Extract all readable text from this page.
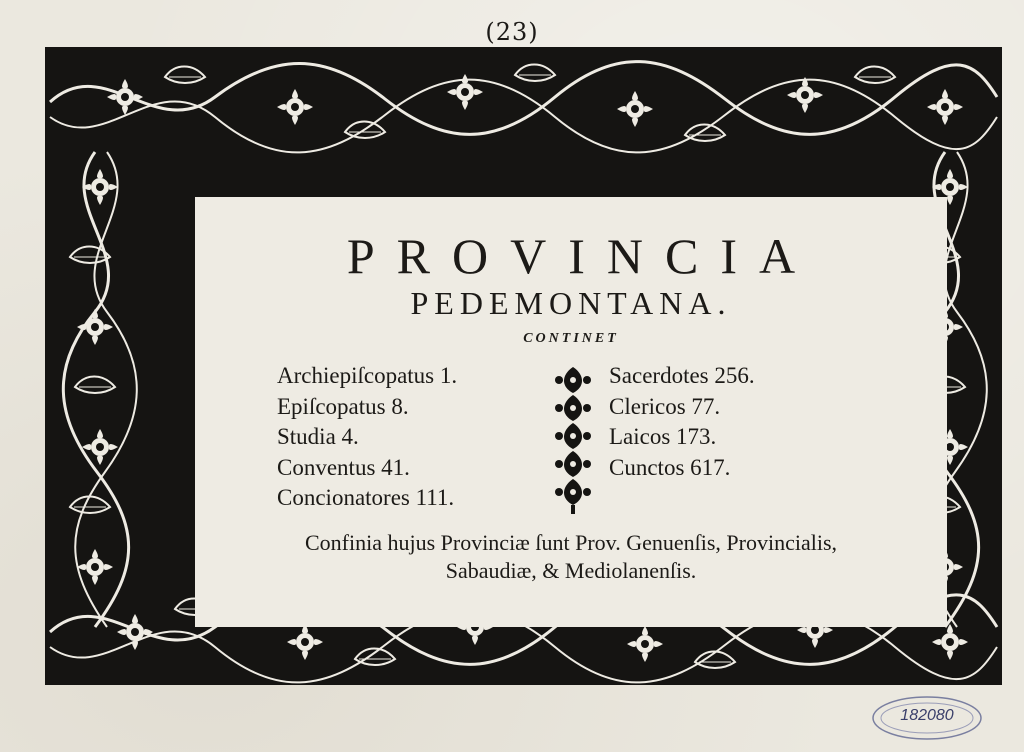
(23)
PROVINCIA
PEDEMONTANA.
CONTINET
Archiepiſcopatus 1.
Epiſcopatus 8.
Studia 4.
Conventus 41.
Concionatores 111.
Sacerdotes 256.
Clericos 77.
Laicos 173.
Cunctos 617.
Confinia hujus Provinciæ ſunt Prov. Genuenſis, Provincialis,
Sabaudiæ, & Mediolanenſis.
182080
